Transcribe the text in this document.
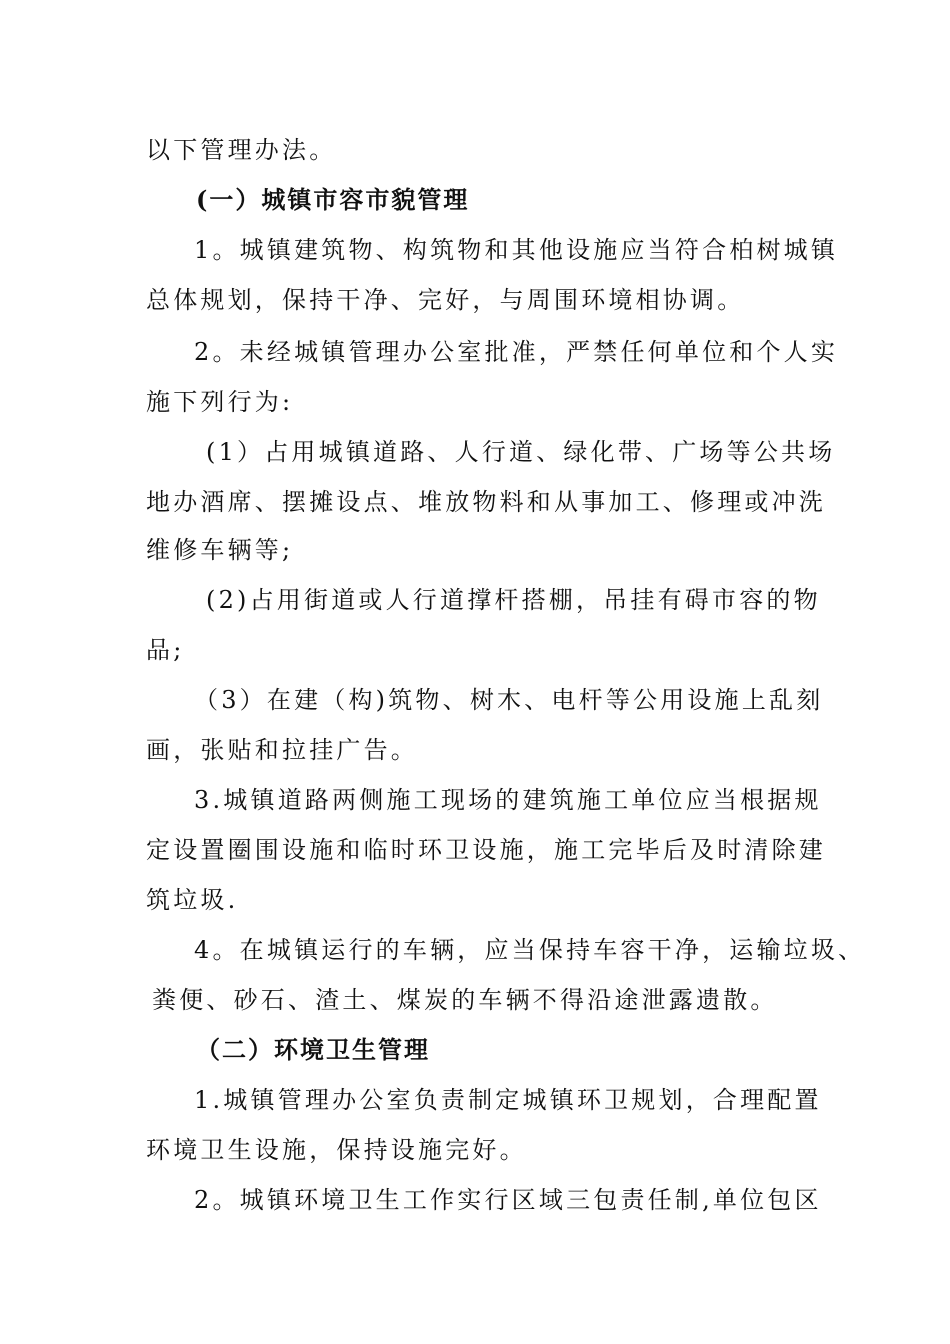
以下管理办法。
(一）城镇市容市貌管理
1。城镇建筑物、构筑物和其他设施应当符合柏树城镇
总体规划，保持干净、完好，与周围环境相协调。
2。未经城镇管理办公室批准，严禁任何单位和个人实
施下列行为:
(1）占用城镇道路、人行道、绿化带、广场等公共场
地办酒席、摆摊设点、堆放物料和从事加工、修理或冲洗
维修车辆等;
(2)占用街道或人行道撑杆搭棚，吊挂有碍市容的物
品;
（3）在建（构)筑物、树木、电杆等公用设施上乱刻
画，张贴和拉挂广告。
3.城镇道路两侧施工现场的建筑施工单位应当根据规
定设置圈围设施和临时环卫设施，施工完毕后及时清除建
筑垃圾.
4。在城镇运行的车辆，应当保持车容干净，运输垃圾、
粪便、砂石、渣土、煤炭的车辆不得沿途泄露遗散。
（二）环境卫生管理
1.城镇管理办公室负责制定城镇环卫规划，合理配置
环境卫生设施，保持设施完好。
2。城镇环境卫生工作实行区域三包责任制,单位包区
